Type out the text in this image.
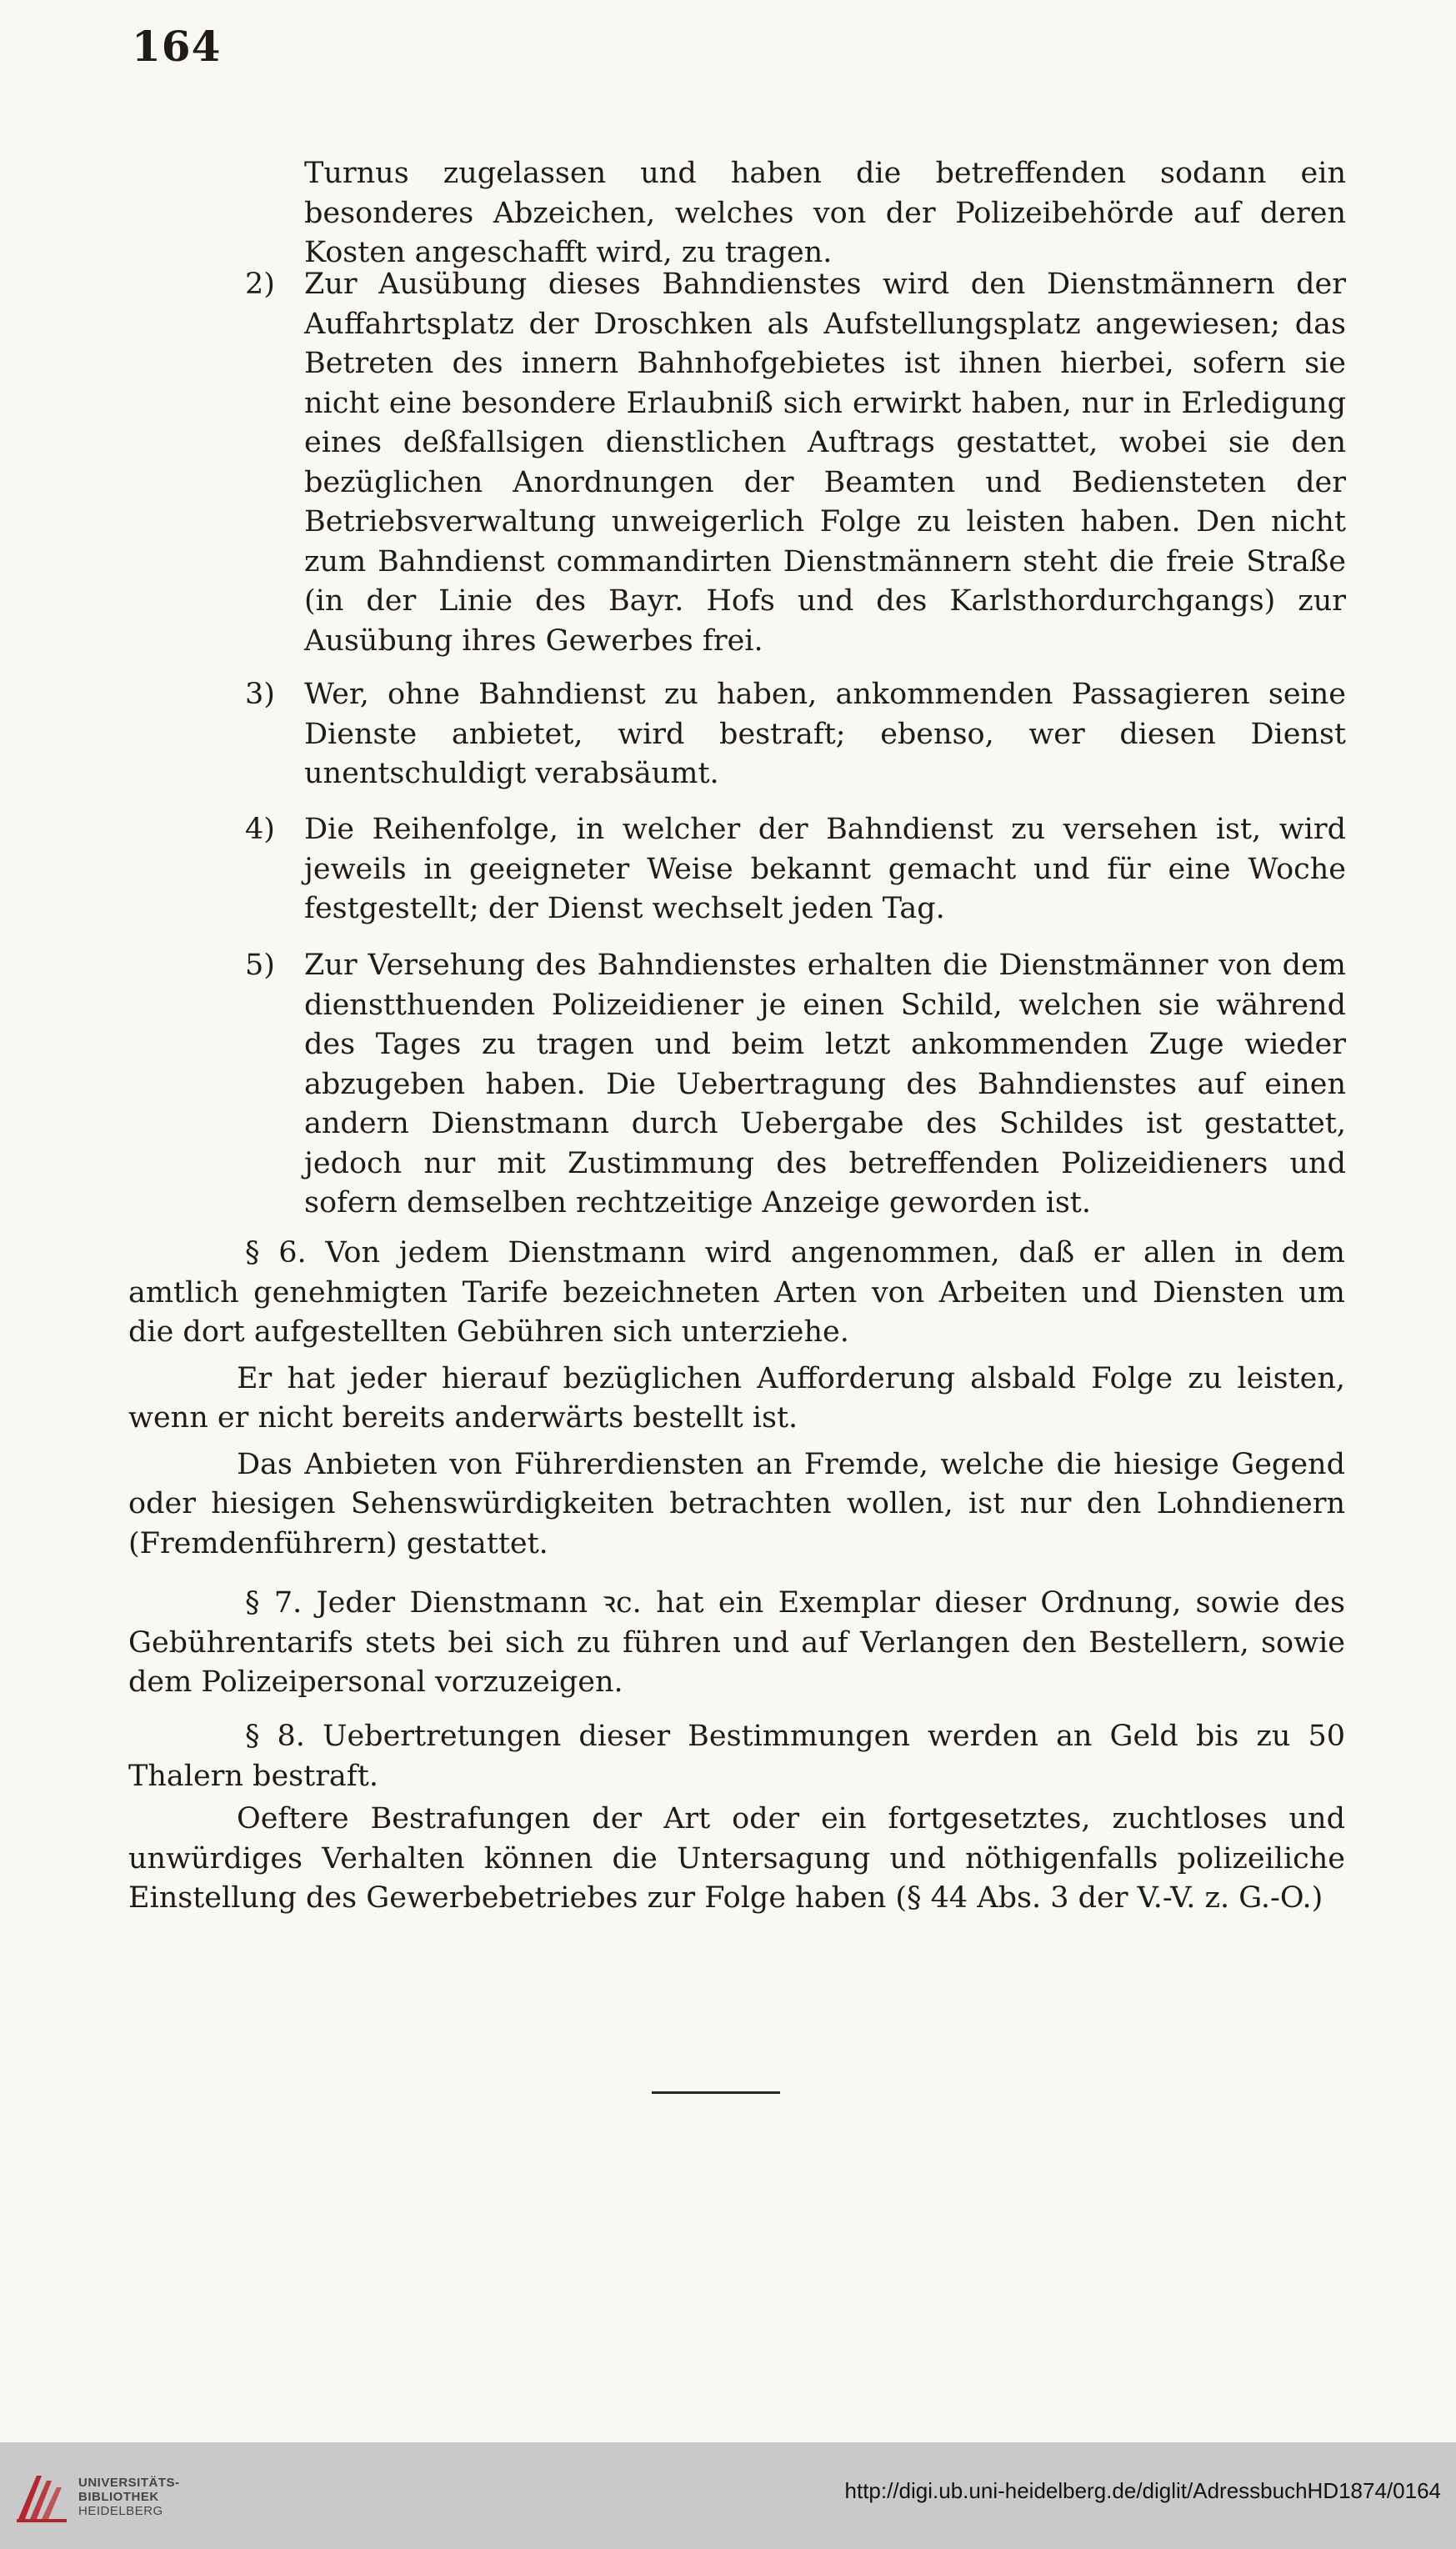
164

Turnus zugelassen und haben die betreffenden sodann ein besonderes Abzeichen, welches von der Polizeibehörde auf deren Kosten angeschafft wird, zu tragen.

2)	Zur Ausübung dieses Bahndienstes wird den Dienstmännern der Auffahrtsplatz der Droschken als Aufstellungsplatz angewiesen; das Betreten des innern Bahnhofgebietes ist ihnen hierbei, sofern sie nicht eine besondere Erlaubniß sich erwirkt haben, nur in Erledigung eines deßfallsigen dienstlichen Auftrags gestattet, wobei sie den bezüglichen Anordnungen der Beamten und Bediensteten der Betriebsverwaltung unweigerlich Folge zu leisten haben. Den nicht zum Bahndienst commandirten Dienstmännern steht die freie Straße (in der Linie des Bayr. Hofs und des Karlsthordurchgangs) zur Ausübung ihres Gewerbes frei.

3)	Wer, ohne Bahndienst zu haben, ankommenden Passagieren seine Dienste anbietet, wird bestraft; ebenso, wer diesen Dienst unentschuldigt verabsäumt.

4)	Die Reihenfolge, in welcher der Bahndienst zu versehen ist, wird jeweils in geeigneter Weise bekannt gemacht und für eine Woche festgestellt; der Dienst wechselt jeden Tag.

5)	Zur Versehung des Bahndienstes erhalten die Dienstmänner von dem dienstthuenden Polizeidiener je einen Schild, welchen sie während des Tages zu tragen und beim letzt ankommenden Zuge wieder abzugeben haben. Die Uebertragung des Bahndienstes auf einen andern Dienstmann durch Uebergabe des Schildes ist gestattet, jedoch nur mit Zustimmung des betreffenden Polizeidieners und sofern demselben rechtzeitige Anzeige geworden ist.

§ 6. Von jedem Dienstmann wird angenommen, daß er allen in dem amtlich genehmigten Tarife bezeichneten Arten von Arbeiten und Diensten um die dort aufgestellten Gebühren sich unterziehe.

Er hat jeder hierauf bezüglichen Aufforderung alsbald Folge zu leisten, wenn er nicht bereits anderwärts bestellt ist.

Das Anbieten von Führerdiensten an Fremde, welche die hiesige Gegend oder hiesigen Sehenswürdigkeiten betrachten wollen, ist nur den Lohndienern (Fremdenführern) gestattet.

§ 7. Jeder Dienstmann ꝛc. hat ein Exemplar dieser Ordnung, sowie des Gebührentarifs stets bei sich zu führen und auf Verlangen den Bestellern, sowie dem Polizeipersonal vorzuzeigen.

§ 8. Uebertretungen dieser Bestimmungen werden an Geld bis zu 50 Thalern bestraft.

Oeftere Bestrafungen der Art oder ein fortgesetztes, zuchtloses und unwürdiges Verhalten können die Untersagung und nöthigenfalls polizeiliche Einstellung des Gewerbebetriebes zur Folge haben (§ 44 Abs. 3 der V.-V. z. G.-O.)

UNIVERSITÄTS-
BIBLIOTHEK
HEIDELBERG
http://digi.ub.uni-heidelberg.de/diglit/AdressbuchHD1874/0164
